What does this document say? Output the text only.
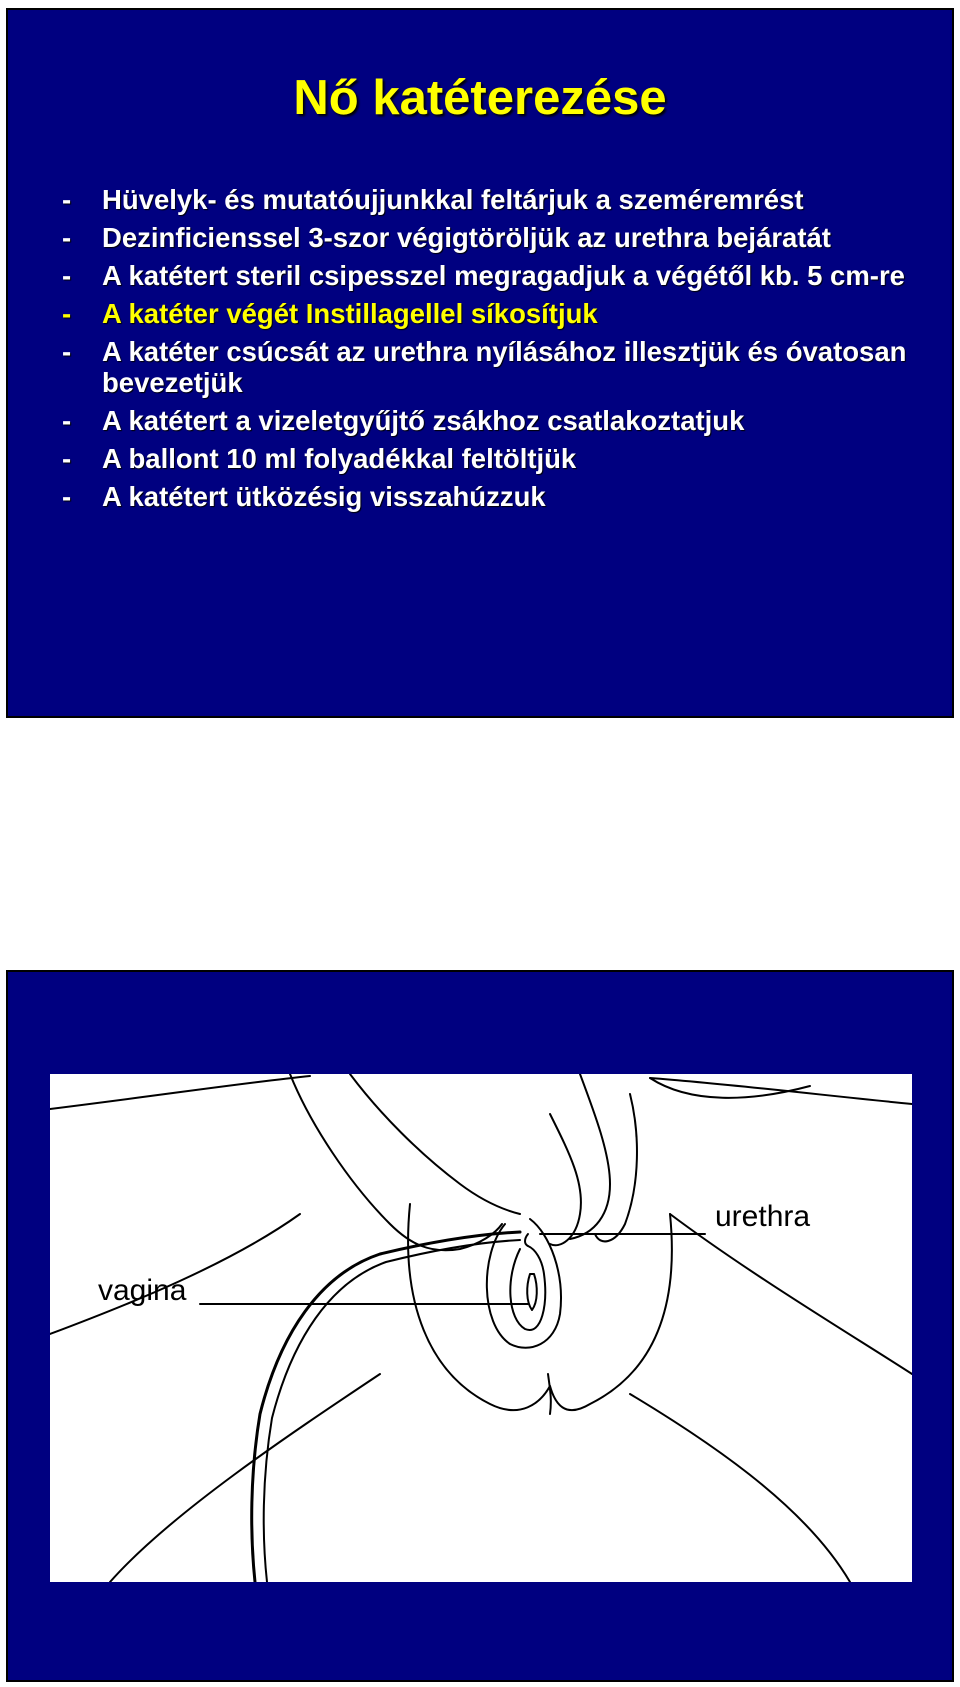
Nő katéterezése
-	Hüvelyk- és mutatóujjunkkal feltárjuk a szeméremrést
-	Dezinficienssel 3-szor végigtöröljük az urethra bejáratát
-	A katétert steril csipesszel megragadjuk a végétől kb. 5 cm-re
-	A katéter végét Instillagellel síkosítjuk
-	A katéter csúcsát az urethra nyílásához illesztjük és óvatosan bevezetjük
-	A katétert a vizeletgyűjtő zsákhoz csatlakoztatjuk
-	A ballont 10 ml folyadékkal feltöltjük
-	A katétert ütközésig visszahúzzuk
urethra
vagina
